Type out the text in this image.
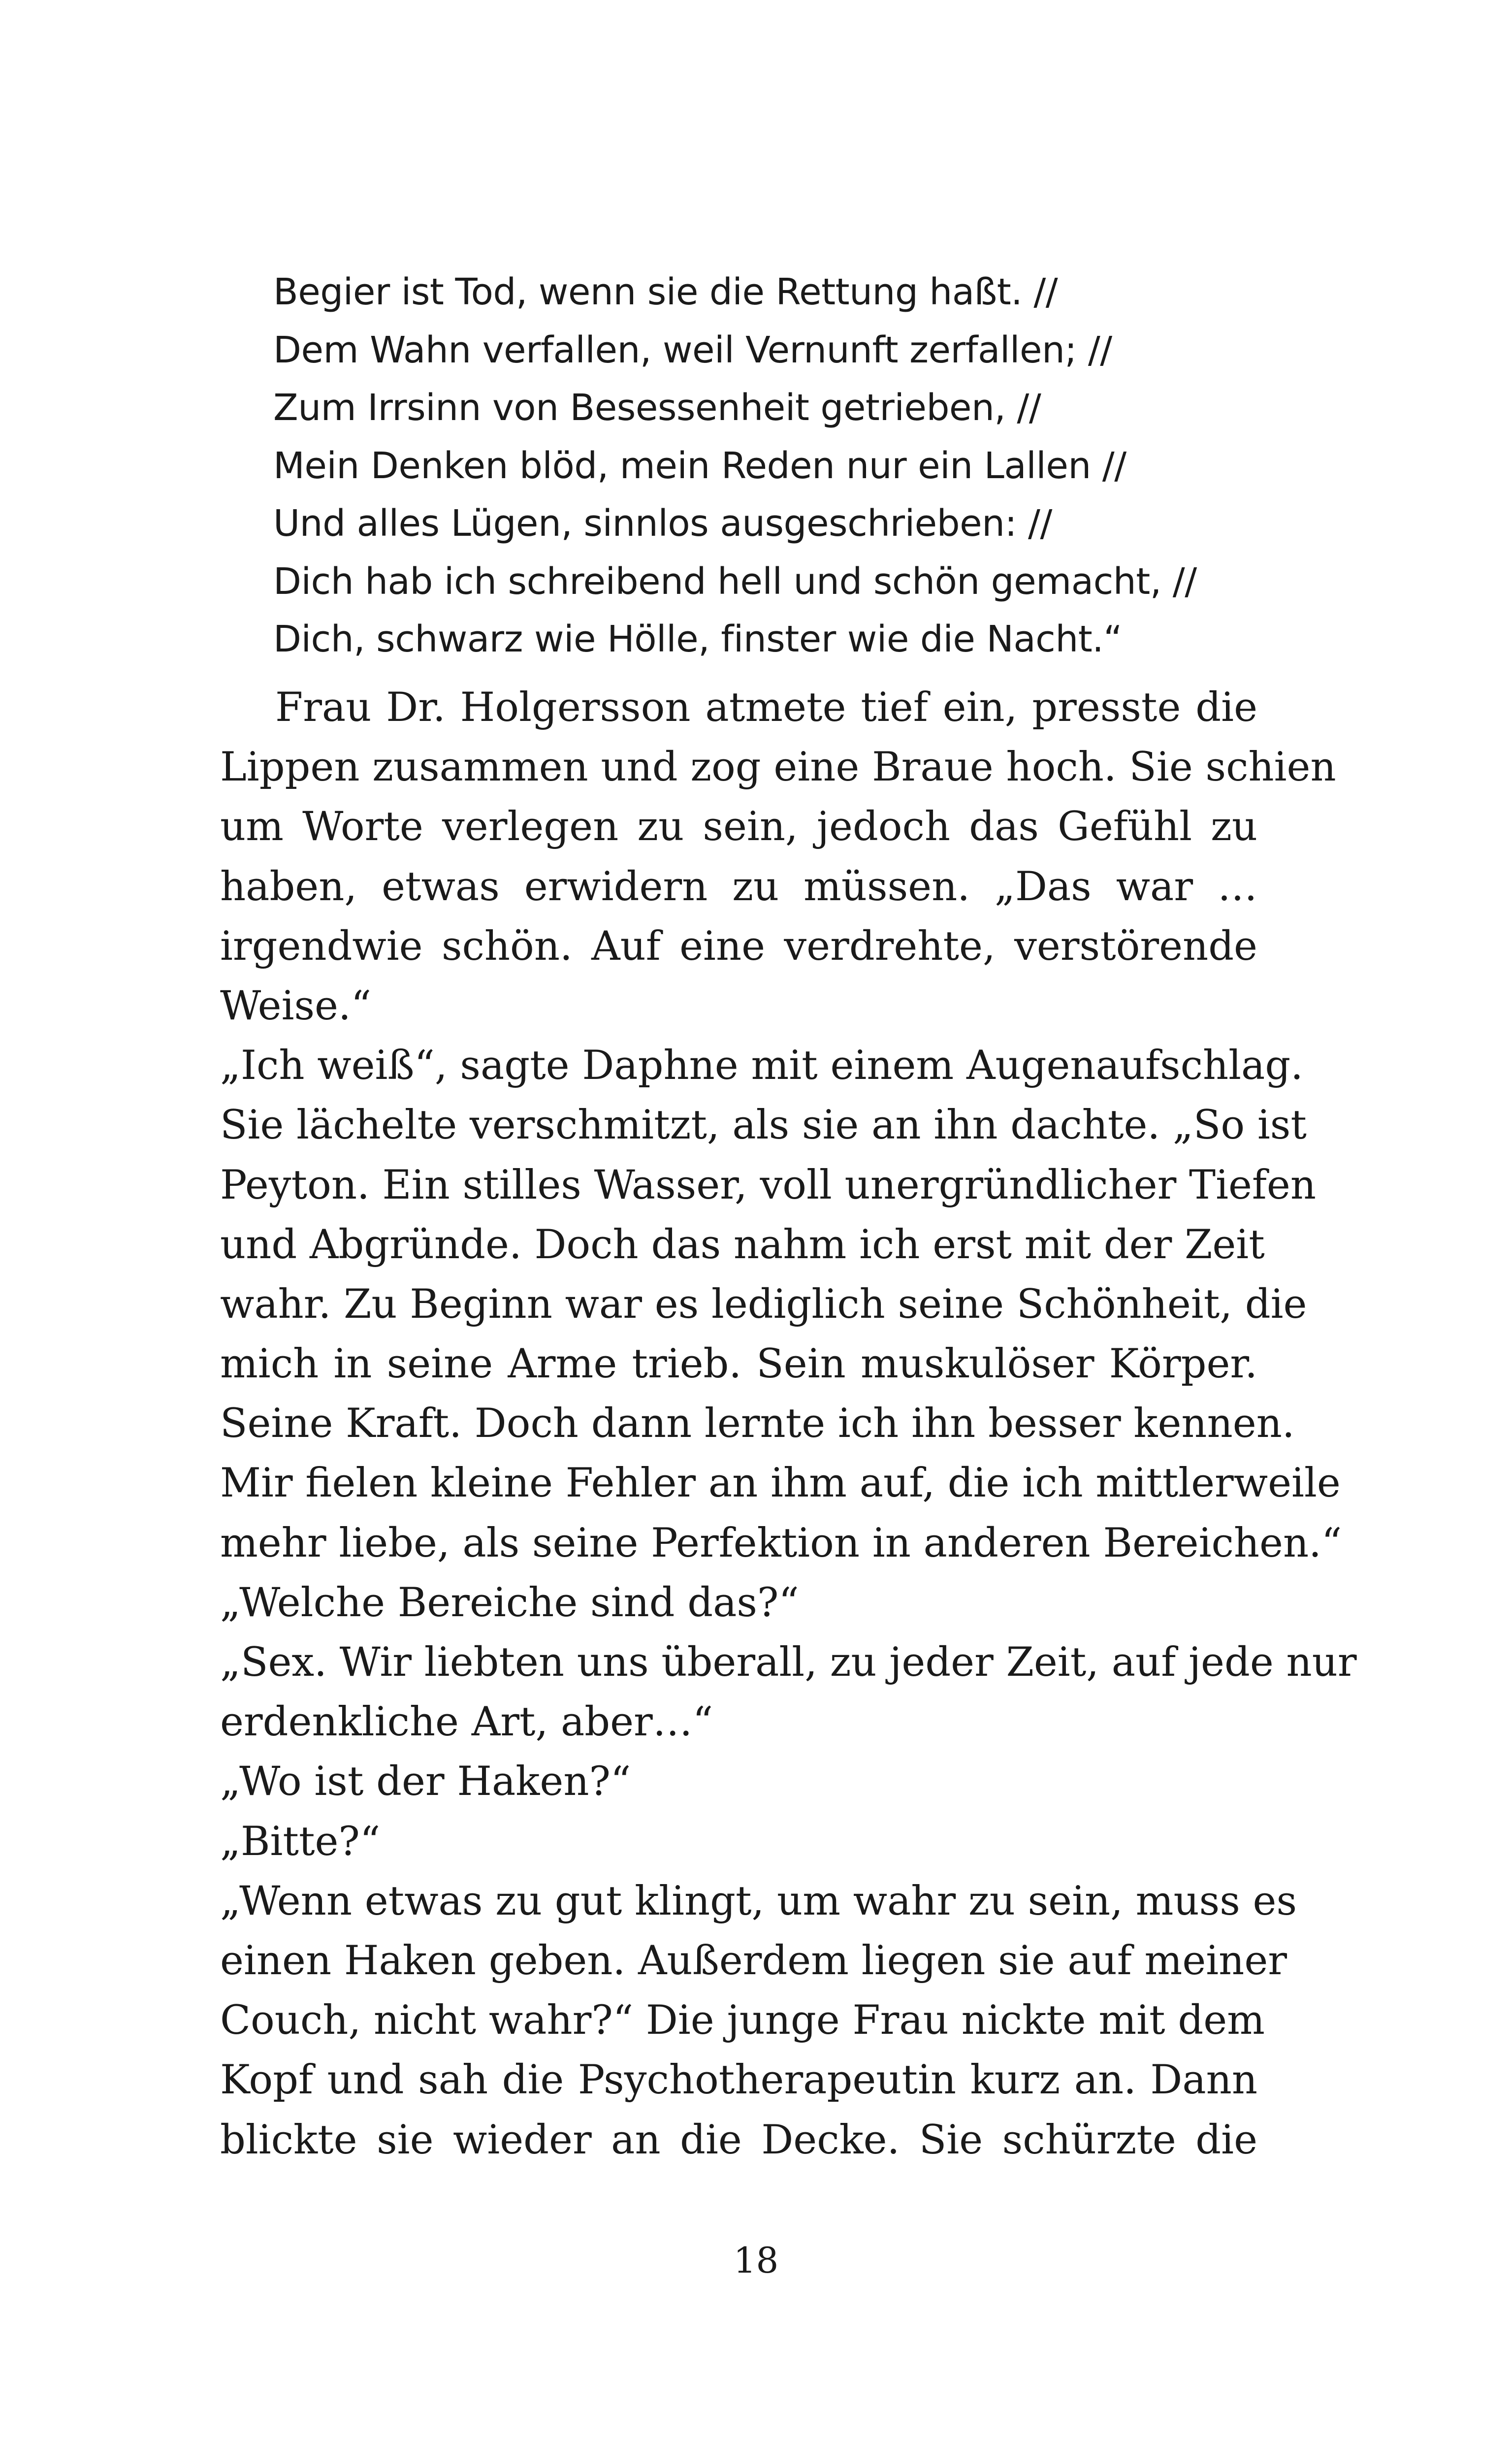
Begier ist Tod, wenn sie die Rettung haßt. //
Dem Wahn verfallen, weil Vernunft zerfallen; //
Zum Irrsinn von Besessenheit getrieben, //
Mein Denken blöd, mein Reden nur ein Lallen //
Und alles Lügen, sinnlos ausgeschrieben: //
Dich hab ich schreibend hell und schön gemacht, //
Dich, schwarz wie Hölle, finster wie die Nacht.“
Frau Dr. Holgersson atmete tief ein, presste die
Lippen zusammen und zog eine Braue hoch. Sie schien
um Worte verlegen zu sein, jedoch das Gefühl zu
haben, etwas erwidern zu müssen. „Das war …
irgendwie schön. Auf eine verdrehte, verstörende
Weise.“
„Ich weiß“, sagte Daphne mit einem Augenaufschlag.
Sie lächelte verschmitzt, als sie an ihn dachte. „So ist
Peyton. Ein stilles Wasser, voll unergründlicher Tiefen
und Abgründe. Doch das nahm ich erst mit der Zeit
wahr. Zu Beginn war es lediglich seine Schönheit, die
mich in seine Arme trieb. Sein muskulöser Körper.
Seine Kraft. Doch dann lernte ich ihn besser kennen.
Mir fielen kleine Fehler an ihm auf, die ich mittlerweile
mehr liebe, als seine Perfektion in anderen Bereichen.“
„Welche Bereiche sind das?“
„Sex. Wir liebten uns überall, zu jeder Zeit, auf jede nur
erdenkliche Art, aber…“
„Wo ist der Haken?“
„Bitte?“
„Wenn etwas zu gut klingt, um wahr zu sein, muss es
einen Haken geben. Außerdem liegen sie auf meiner
Couch, nicht wahr?“ Die junge Frau nickte mit dem
Kopf und sah die Psychotherapeutin kurz an. Dann
blickte sie wieder an die Decke. Sie schürzte die
18
